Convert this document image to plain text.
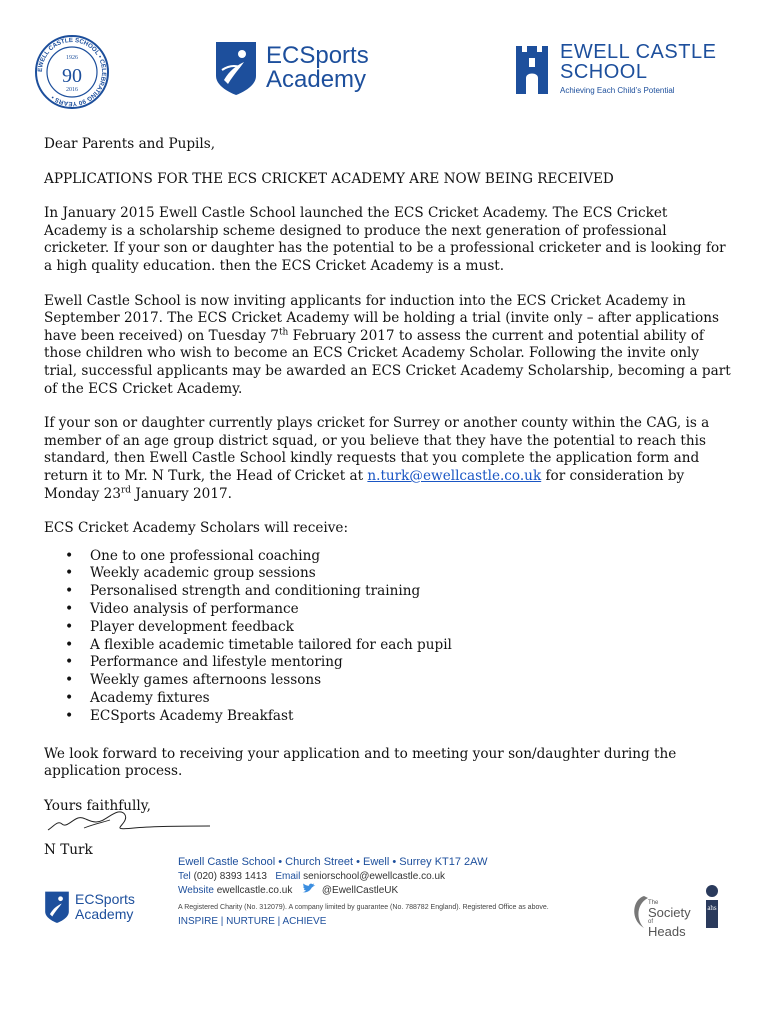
EWELL CASTLE SCHOOL • CELEBRATING 90 YEARS •
1926
90
2016
ECSports
Academy
EWELL CASTLE
SCHOOL
Achieving Each Child’s Potential

Dear Parents and Pupils,

APPLICATIONS FOR THE ECS CRICKET ACADEMY ARE NOW BEING RECEIVED

In January 2015 Ewell Castle School launched the ECS Cricket Academy. The ECS Cricket Academy is a scholarship scheme designed to produce the next generation of professional cricketer. If your son or daughter has the potential to be a professional cricketer and is looking for a high quality education. then the ECS Cricket Academy is a must.

Ewell Castle School is now inviting applicants for induction into the ECS Cricket Academy in September 2017. The ECS Cricket Academy will be holding a trial (invite only – after applications have been received) on Tuesday 7th February 2017 to assess the current and potential ability of those children who wish to become an ECS Cricket Academy Scholar. Following the invite only trial, successful applicants may be awarded an ECS Cricket Academy Scholarship, becoming a part of the ECS Cricket Academy.

If your son or daughter currently plays cricket for Surrey or another county within the CAG, is a member of an age group district squad, or you believe that they have the potential to reach this standard, then Ewell Castle School kindly requests that you complete the application form and return it to Mr. N Turk, the Head of Cricket at n.turk@ewellcastle.co.uk for consideration by Monday 23rd January 2017.

ECS Cricket Academy Scholars will receive:

• One to one professional coaching
• Weekly academic group sessions
• Personalised strength and conditioning training
• Video analysis of performance
• Player development feedback
• A flexible academic timetable tailored for each pupil
• Performance and lifestyle mentoring
• Weekly games afternoons lessons
• Academy fixtures
• ECSports Academy Breakfast

We look forward to receiving your application and to meeting your son/daughter during the application process.

Yours faithfully,

N Turk
Ewell Castle School • Church Street • Ewell • Surrey KT17 2AW
Tel (020) 8393 1413 Email seniorschool@ewellcastle.co.uk
Website ewellcastle.co.uk	@EwellCastleUK
A Registered Charity (No. 312079). A company limited by guarantee (No. 788782 England). Registered Office as above.
INSPIRE | NURTURE | ACHIEVE
ECSports
Academy
The
Society
of
Heads
ahs
